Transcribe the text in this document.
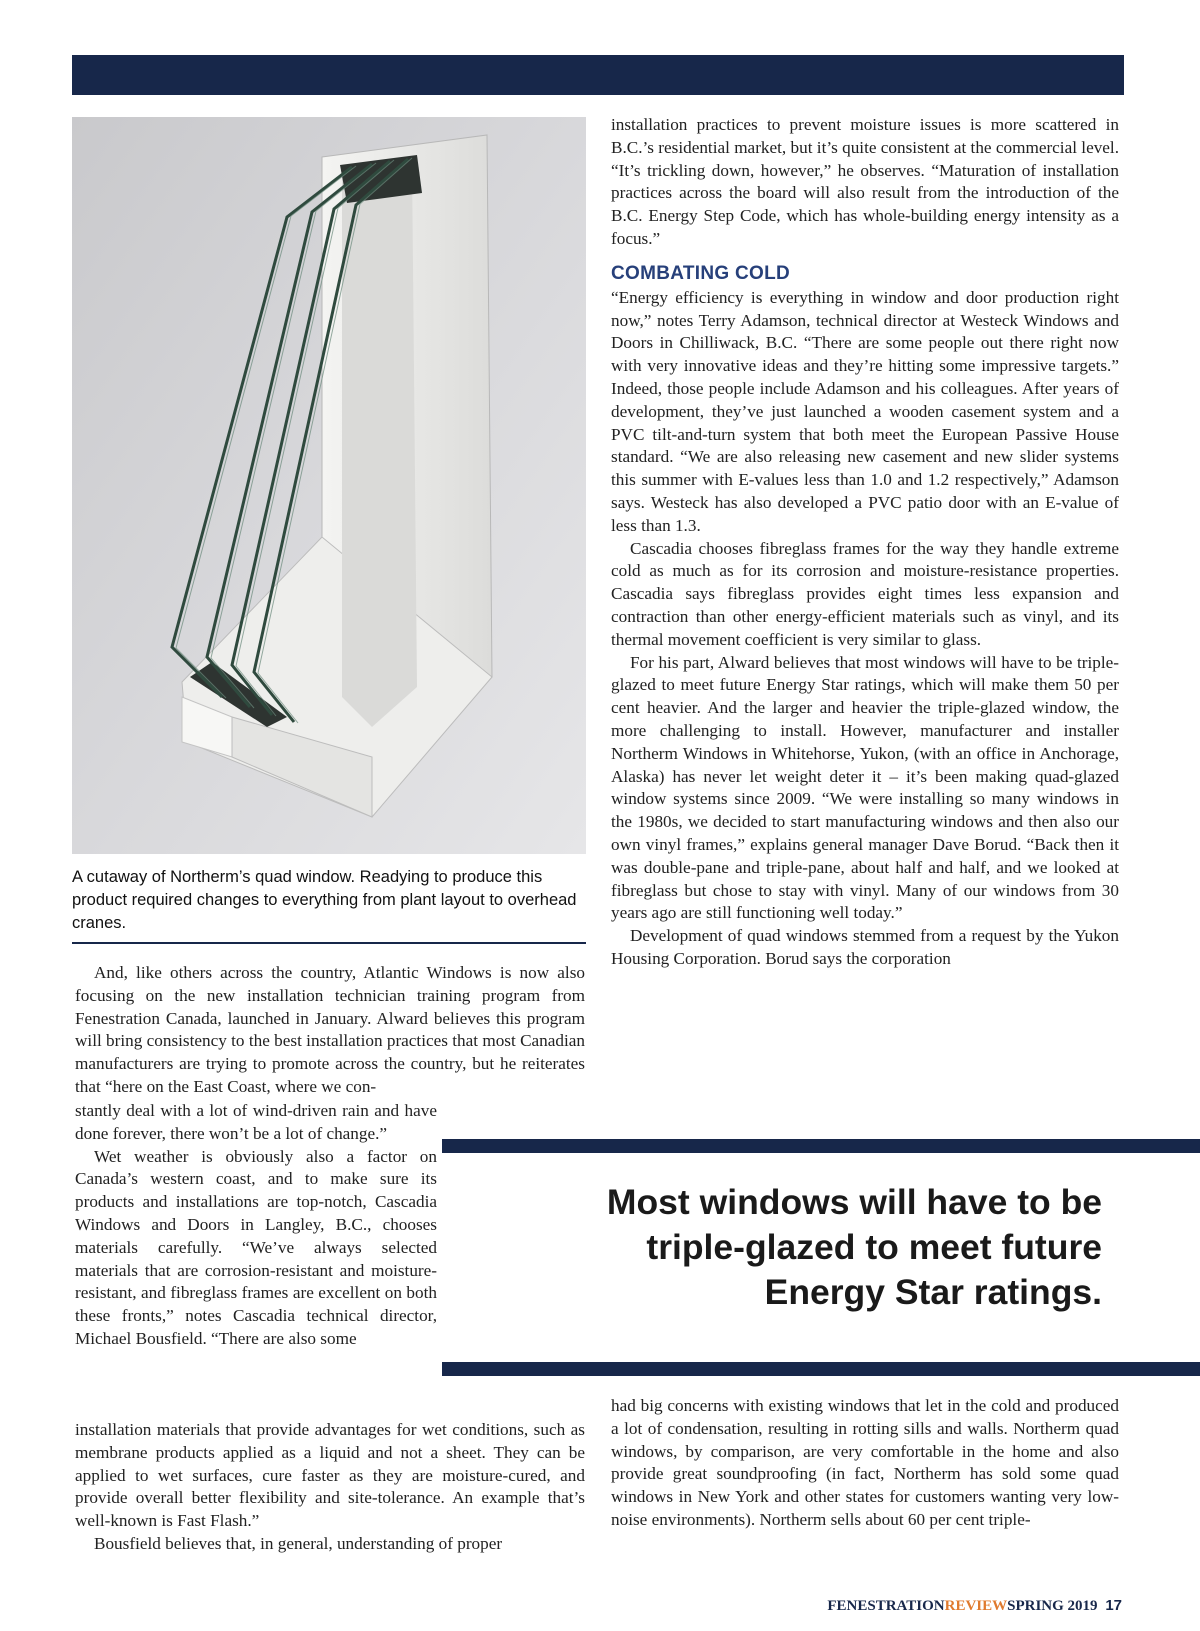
A cutaway of Northerm’s quad window. Readying to produce this product required changes to everything from plant layout to overhead cranes.

installation practices to prevent moisture issues is more scattered in B.C.’s residential market, but it’s quite consistent at the commercial level. “It’s trickling down, however,” he observes. “Maturation of installation practices across the board will also result from the introduction of the B.C. Energy Step Code, which has whole-building energy intensity as a focus.”

COMBATING COLD

“Energy efficiency is everything in window and door production right now,” notes Terry Adamson, technical director at Westeck Windows and Doors in Chilliwack, B.C. “There are some people out there right now with very innovative ideas and they’re hitting some impressive targets.” Indeed, those people include Adamson and his colleagues. After years of development, they’ve just launched a wooden casement system and a PVC tilt-and-turn system that both meet the European Passive House standard. “We are also releasing new casement and new slider systems this summer with E-values less than 1.0 and 1.2 respectively,” Adamson says. Westeck has also developed a PVC patio door with an E-value of less than 1.3.

Cascadia chooses fibreglass frames for the way they handle extreme cold as much as for its corrosion and moisture-resistance properties. Cascadia says fibreglass provides eight times less expansion and contraction than other energy-efficient materials such as vinyl, and its thermal movement coefficient is very similar to glass.

For his part, Alward believes that most windows will have to be triple-glazed to meet future Energy Star ratings, which will make them 50 per cent heavier. And the larger and heavier the triple-glazed window, the more challenging to install. However, manufacturer and installer Northerm Windows in Whitehorse, Yukon, (with an office in Anchorage, Alaska) has never let weight deter it – it’s been making quad-glazed window systems since 2009. “We were installing so many windows in the 1980s, we decided to start manufacturing windows and then also our own vinyl frames,” explains general manager Dave Borud. “Back then it was double-pane and triple-pane, about half and half, and we looked at fibreglass but chose to stay with vinyl. Many of our windows from 30 years ago are still functioning well today.”

Development of quad windows stemmed from a request by the Yukon Housing Corporation. Borud says the corporation

And, like others across the country, Atlantic Windows is now also focusing on the new installation technician training program from Fenestration Canada, launched in January. Alward believes this program will bring consistency to the best installation practices that most Canadian manufacturers are trying to promote across the country, but he reiterates that “here on the East Coast, where we con-

stantly deal with a lot of wind-driven rain and have done forever, there won’t be a lot of change.”

Wet weather is obviously also a factor on Canada’s western coast, and to make sure its products and installations are top-notch, Cascadia Windows and Doors in Langley, B.C., chooses materials carefully. “We’ve always selected materials that are corrosion-resistant and moisture-resistant, and fibreglass frames are excellent on both these fronts,” notes Cascadia technical director, Michael Bousfield. “There are also some

installation materials that provide advantages for wet conditions, such as membrane products applied as a liquid and not a sheet. They can be applied to wet surfaces, cure faster as they are moisture-cured, and provide overall better flexibility and site-tolerance. An example that’s well-known is Fast Flash.”

Bousfield believes that, in general, understanding of proper

Most windows will have to be
triple-glazed to meet future
Energy Star ratings.

had big concerns with existing windows that let in the cold and produced a lot of condensation, resulting in rotting sills and walls. Northerm quad windows, by comparison, are very comfortable in the home and also provide great soundproofing (in fact, Northerm has sold some quad windows in New York and other states for customers wanting very low-noise environments). Northerm sells about 60 per cent triple-

FENESTRATIONREVIEWSPRING 2019 17
